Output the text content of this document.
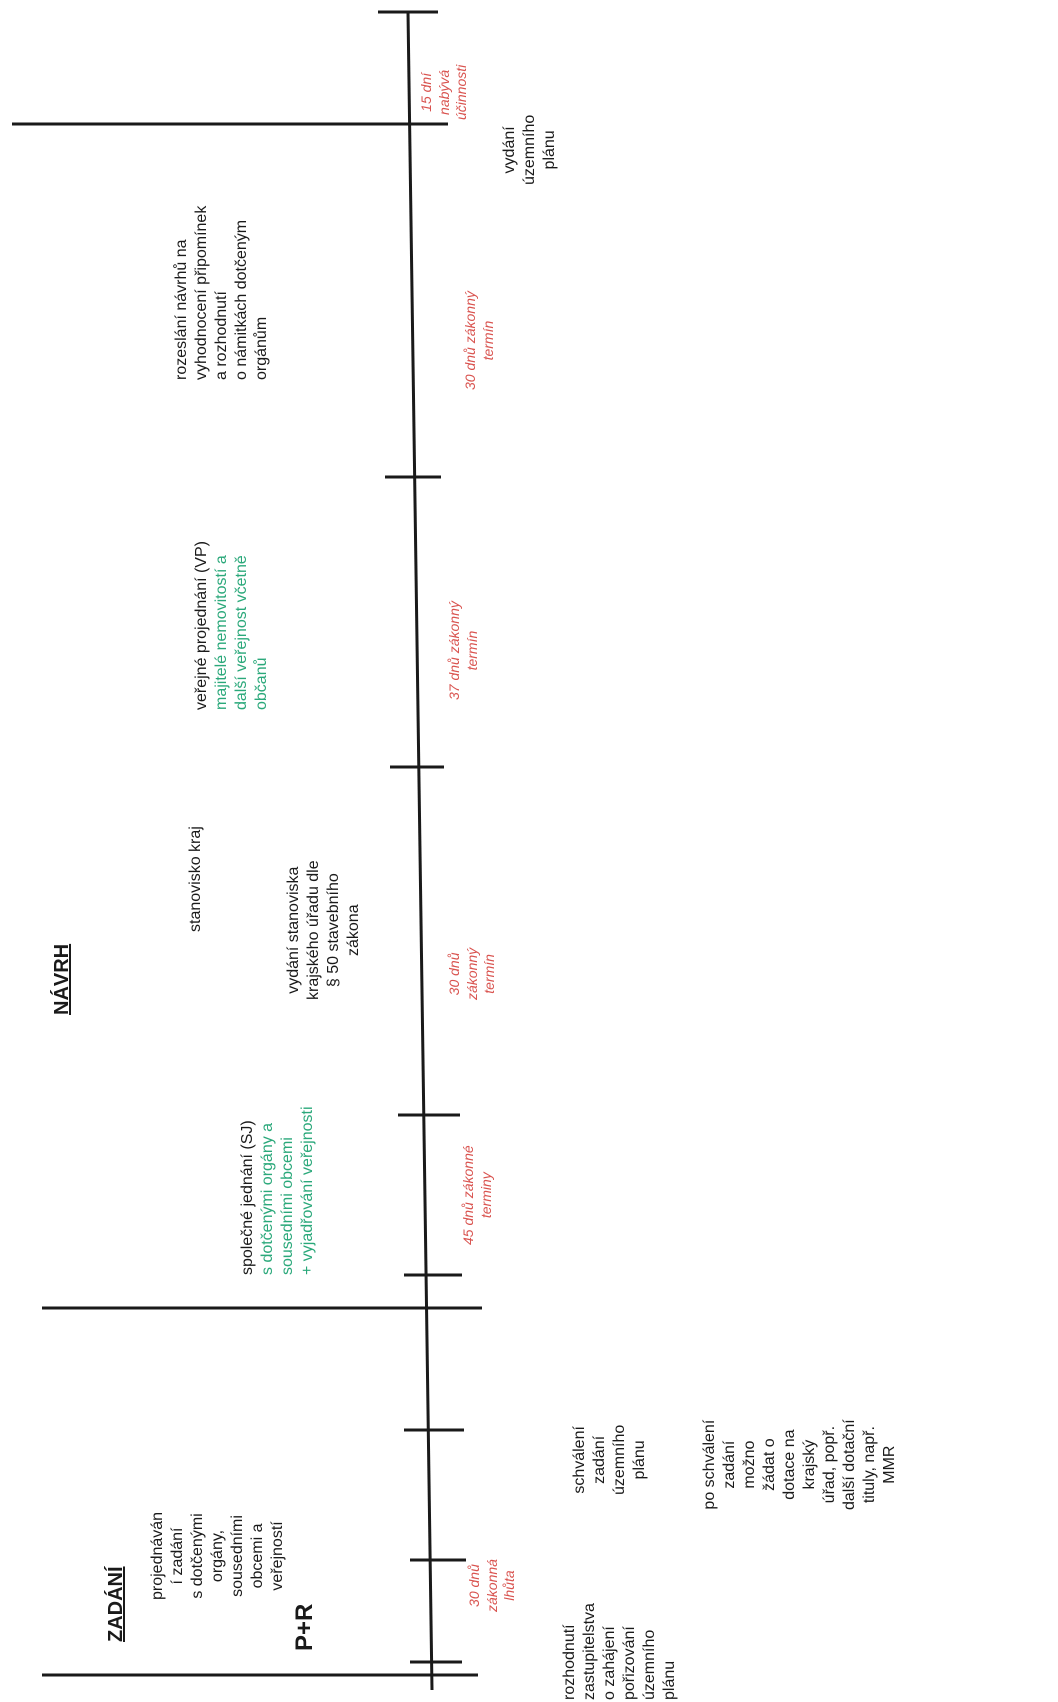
ZADÁNÍ
NÁVRH
P+R
projednáván
í zadání
s dotčenými
orgány,
sousedními
obcemi a
veřejností
30 dnů
zákonná
lhůta
rozhodnutí
zastupitelstva
o zahájení
pořizování
územního
plánu
schválení
zadání
územního
plánu
po schválení
zadání
možno
žádat o
dotace na
krajský
úřad, popř.
další dotační
tituly, např.
MMR

společné jednání (SJ) s dotčenými orgány a
sousedními obcemi
+ vyjadřování veřejnosti

45 dnů zákonné
terminy
stanovisko kraj
vydání stanoviska
krajského úřadu dle
§ 50 stavebního
zákona
30 dnů
zákonný
termín

veřejné projednání (VP) majitelé nemovitostí a
další veřejnost včetně
občanů	37 dnů zákonný
termín
rozeslání návrhů na
vyhodnocení připomínek
a rozhodnutí
o námitkách dotčeným
orgánům
30 dnů zákonný
termín
vydání
územního
plánu
15 dní
nabývá
účinnosti
